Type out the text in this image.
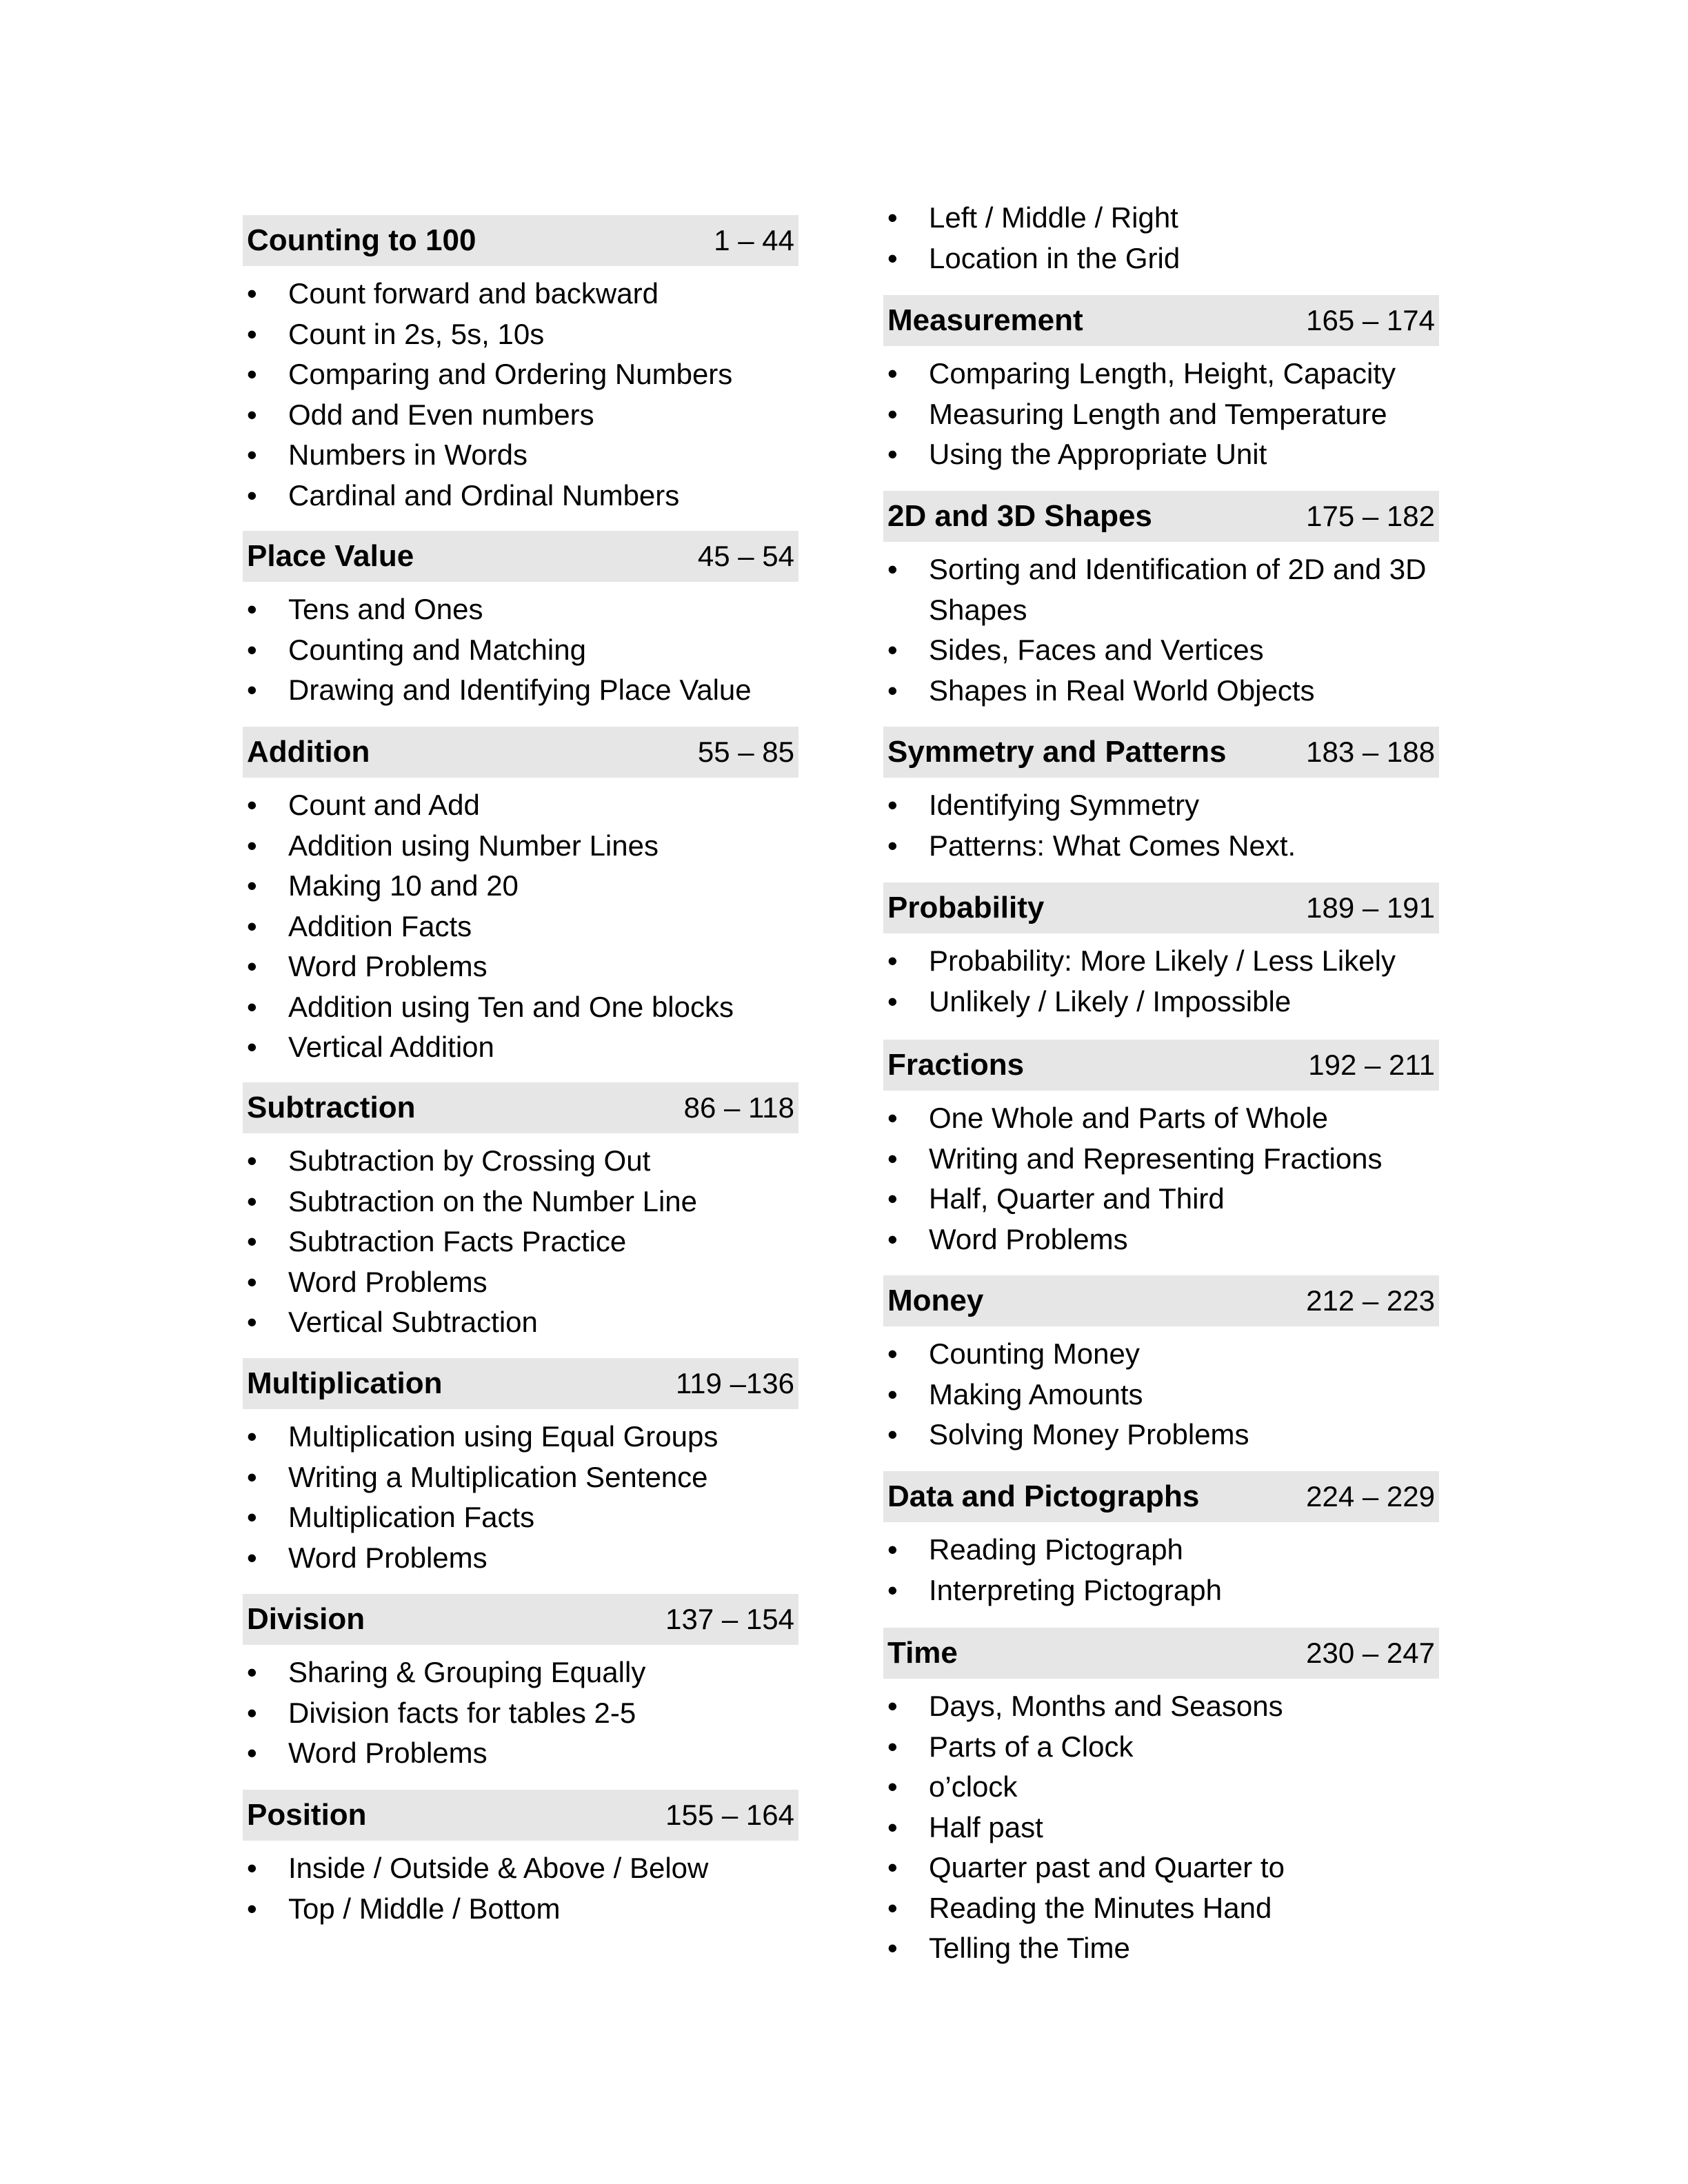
Counting to 100	1 – 44
• Count forward and backward
• Count in 2s, 5s, 10s
• Comparing and Ordering Numbers
• Odd and Even numbers
• Numbers in Words
• Cardinal and Ordinal Numbers
Place Value	45 – 54
• Tens and Ones
• Counting and Matching
• Drawing and Identifying Place Value
Addition	55 – 85
• Count and Add
• Addition using Number Lines
• Making 10 and 20
• Addition Facts
• Word Problems
• Addition using Ten and One blocks
• Vertical Addition
Subtraction	86 – 118
• Subtraction by Crossing Out
• Subtraction on the Number Line
• Subtraction Facts Practice
• Word Problems
• Vertical Subtraction
Multiplication	119 –136
• Multiplication using Equal Groups
• Writing a Multiplication Sentence
• Multiplication Facts
• Word Problems
Division	137 – 154
• Sharing & Grouping Equally
• Division facts for tables 2-5
• Word Problems
Position	155 – 164
• Inside / Outside & Above / Below
• Top / Middle / Bottom
• Left / Middle / Right
• Location in the Grid
Measurement	165 – 174
• Comparing Length, Height, Capacity
• Measuring Length and Temperature
• Using the Appropriate Unit
2D and 3D Shapes	175 – 182
• Sorting and Identification of 2D and 3D Shapes
• Sides, Faces and Vertices
• Shapes in Real World Objects
Symmetry and Patterns	183 – 188
• Identifying Symmetry
• Patterns: What Comes Next.
Probability	189 – 191
• Probability: More Likely / Less Likely
• Unlikely / Likely / Impossible
Fractions	192 – 211
• One Whole and Parts of Whole
• Writing and Representing Fractions
• Half, Quarter and Third
• Word Problems
Money	212 – 223
• Counting Money
• Making Amounts
• Solving Money Problems
Data and Pictographs	224 – 229
• Reading Pictograph
• Interpreting Pictograph
Time	230 – 247
• Days, Months and Seasons
• Parts of a Clock
• o’clock
• Half past
• Quarter past and Quarter to
• Reading the Minutes Hand
• Telling the Time
